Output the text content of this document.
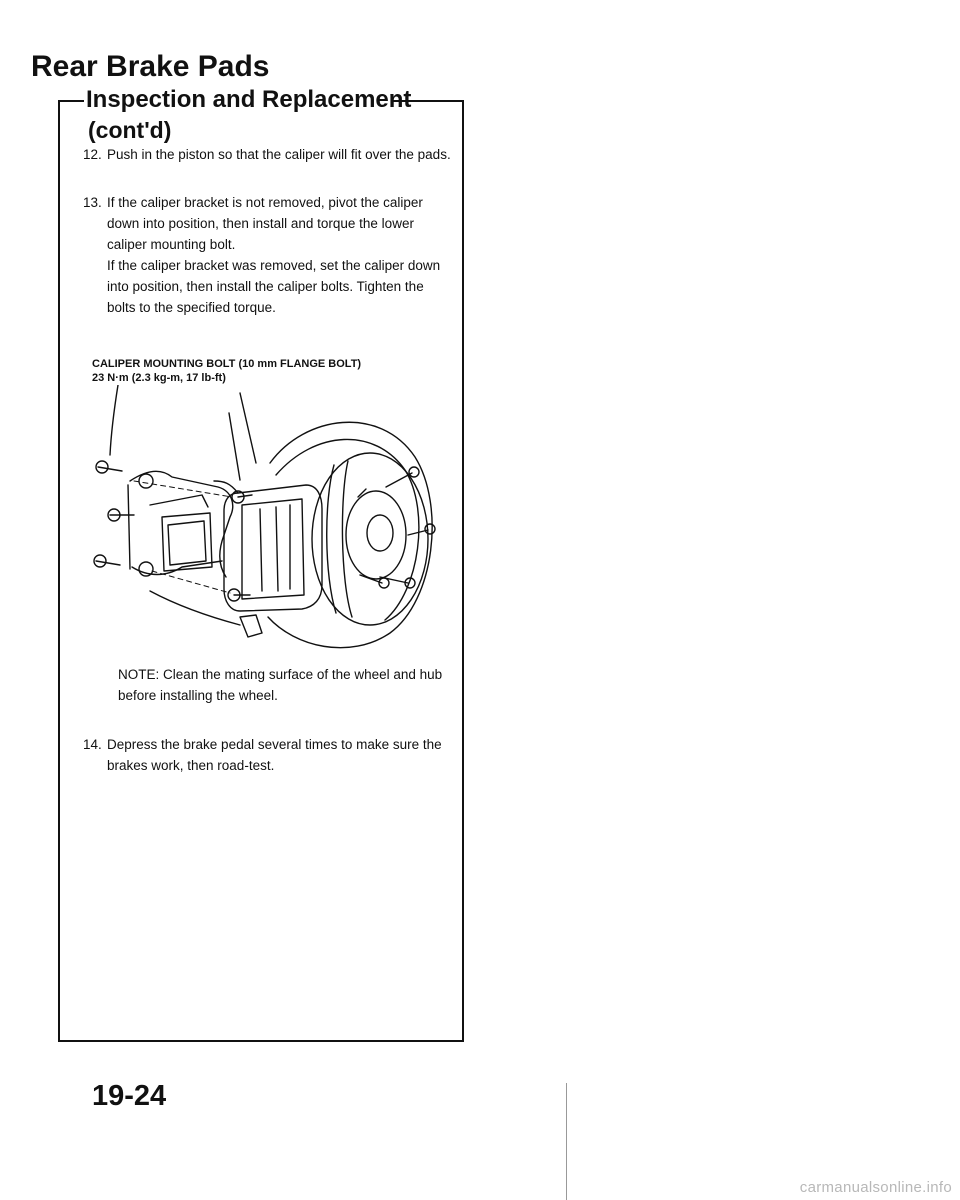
Rear Brake Pads
Inspection and Replacement
(cont'd)
12. Push in the piston so that the caliper will fit over the pads.
13. If the caliper bracket is not removed, pivot the caliper down into position, then install and torque the lower caliper mounting bolt.
If the caliper bracket was removed, set the caliper down into position, then install the caliper bolts. Tighten the bolts to the specified torque.
CALIPER MOUNTING BOLT (10 mm FLANGE BOLT)
23 N·m (2.3 kg-m, 17 lb-ft)
NOTE: Clean the mating surface of the wheel and hub before installing the wheel.
14. Depress the brake pedal several times to make sure the brakes work, then road-test.
19-24
carmanualsonline.info
